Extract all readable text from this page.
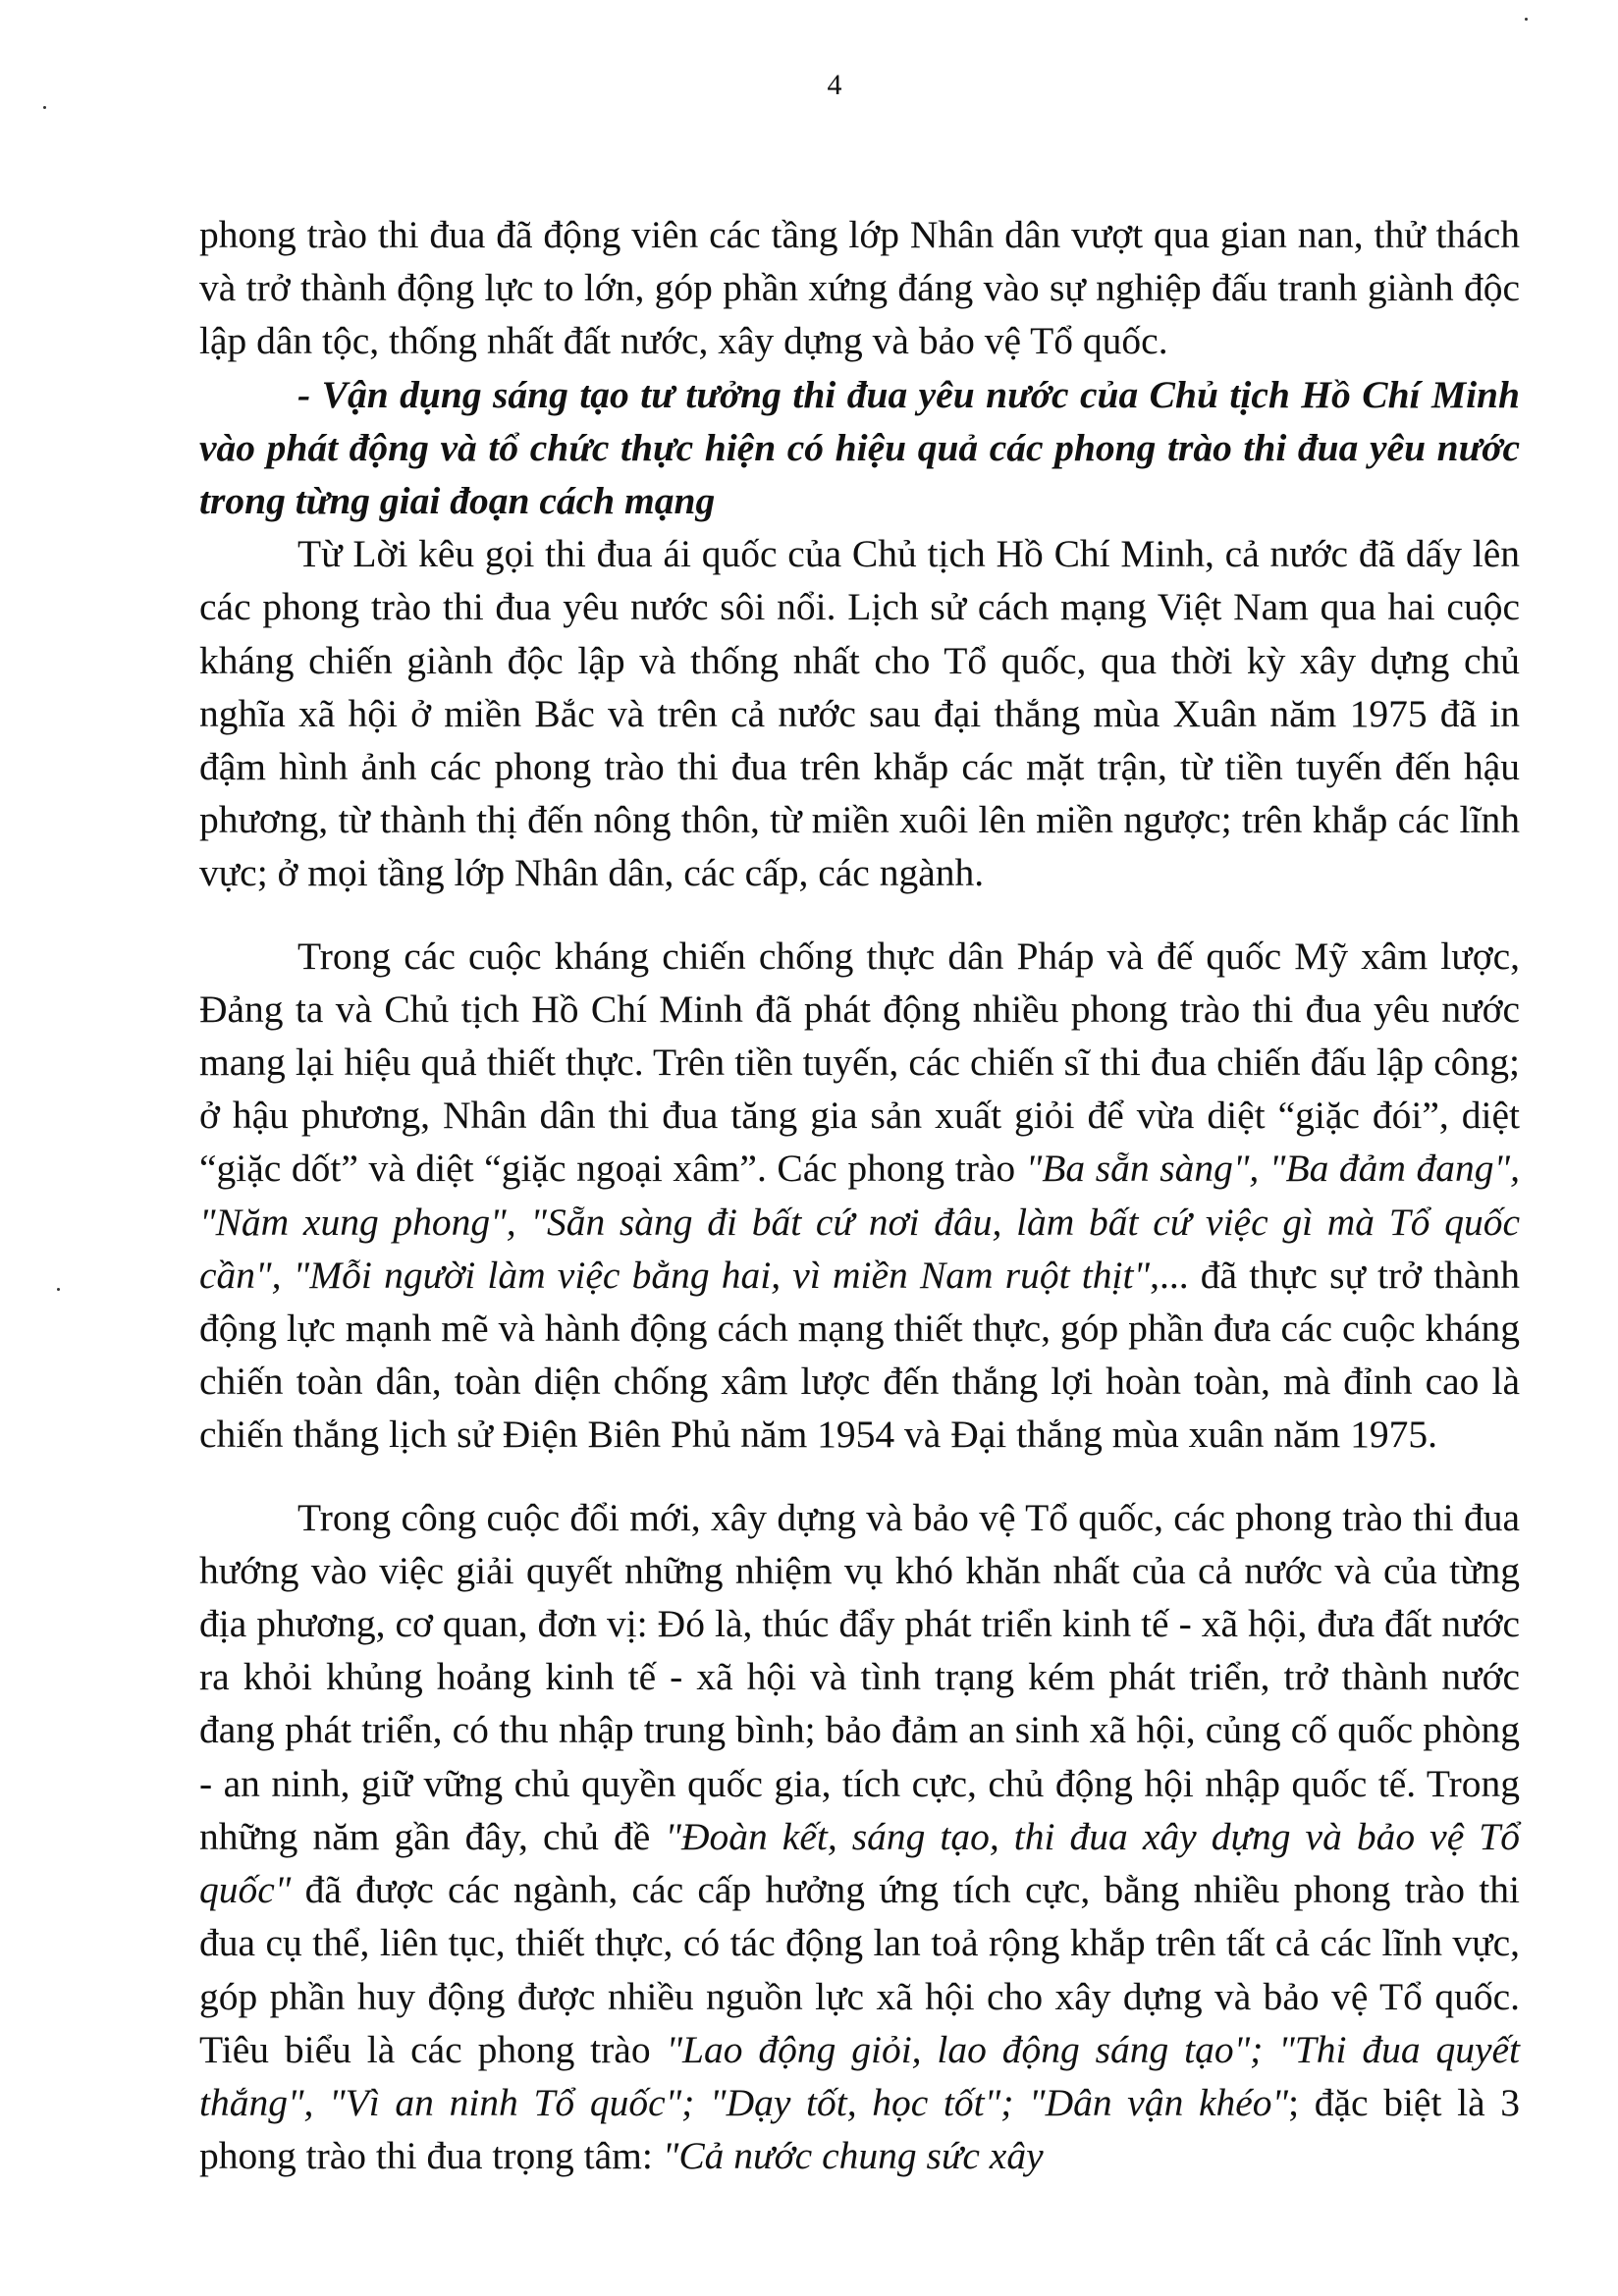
4

phong trào thi đua đã động viên các tầng lớp Nhân dân vượt qua gian nan, thử thách và trở thành động lực to lớn, góp phần xứng đáng vào sự nghiệp đấu tranh giành độc lập dân tộc, thống nhất đất nước, xây dựng và bảo vệ Tổ quốc.

- Vận dụng sáng tạo tư tưởng thi đua yêu nước của Chủ tịch Hồ Chí Minh vào phát động và tổ chức thực hiện có hiệu quả các phong trào thi đua yêu nước trong từng giai đoạn cách mạng

Từ Lời kêu gọi thi đua ái quốc của Chủ tịch Hồ Chí Minh, cả nước đã dấy lên các phong trào thi đua yêu nước sôi nổi. Lịch sử cách mạng Việt Nam qua hai cuộc kháng chiến giành độc lập và thống nhất cho Tổ quốc, qua thời kỳ xây dựng chủ nghĩa xã hội ở miền Bắc và trên cả nước sau đại thắng mùa Xuân năm 1975 đã in đậm hình ảnh các phong trào thi đua trên khắp các mặt trận, từ tiền tuyến đến hậu phương, từ thành thị đến nông thôn, từ miền xuôi lên miền ngược; trên khắp các lĩnh vực; ở mọi tầng lớp Nhân dân, các cấp, các ngành.

Trong các cuộc kháng chiến chống thực dân Pháp và đế quốc Mỹ xâm lược, Đảng ta và Chủ tịch Hồ Chí Minh đã phát động nhiều phong trào thi đua yêu nước mang lại hiệu quả thiết thực. Trên tiền tuyến, các chiến sĩ thi đua chiến đấu lập công; ở hậu phương, Nhân dân thi đua tăng gia sản xuất giỏi để vừa diệt “giặc đói”, diệt “giặc dốt” và diệt “giặc ngoại xâm”. Các phong trào "Ba sẵn sàng", "Ba đảm đang", "Năm xung phong", "Sẵn sàng đi bất cứ nơi đâu, làm bất cứ việc gì mà Tổ quốc cần", "Mỗi người làm việc bằng hai, vì miền Nam ruột thịt",... đã thực sự trở thành động lực mạnh mẽ và hành động cách mạng thiết thực, góp phần đưa các cuộc kháng chiến toàn dân, toàn diện chống xâm lược đến thắng lợi hoàn toàn, mà đỉnh cao là chiến thắng lịch sử Điện Biên Phủ năm 1954 và Đại thắng mùa xuân năm 1975.

Trong công cuộc đổi mới, xây dựng và bảo vệ Tổ quốc, các phong trào thi đua hướng vào việc giải quyết những nhiệm vụ khó khăn nhất của cả nước và của từng địa phương, cơ quan, đơn vị: Đó là, thúc đẩy phát triển kinh tế - xã hội, đưa đất nước ra khỏi khủng hoảng kinh tế - xã hội và tình trạng kém phát triển, trở thành nước đang phát triển, có thu nhập trung bình; bảo đảm an sinh xã hội, củng cố quốc phòng - an ninh, giữ vững chủ quyền quốc gia, tích cực, chủ động hội nhập quốc tế. Trong những năm gần đây, chủ đề "Đoàn kết, sáng tạo, thi đua xây dựng và bảo vệ Tổ quốc" đã được các ngành, các cấp hưởng ứng tích cực, bằng nhiều phong trào thi đua cụ thể, liên tục, thiết thực, có tác động lan toả rộng khắp trên tất cả các lĩnh vực, góp phần huy động được nhiều nguồn lực xã hội cho xây dựng và bảo vệ Tổ quốc. Tiêu biểu là các phong trào "Lao động giỏi, lao động sáng tạo"; "Thi đua quyết thắng", "Vì an ninh Tổ quốc"; "Dạy tốt, học tốt"; "Dân vận khéo"; đặc biệt là 3 phong trào thi đua trọng tâm: "Cả nước chung sức xây
